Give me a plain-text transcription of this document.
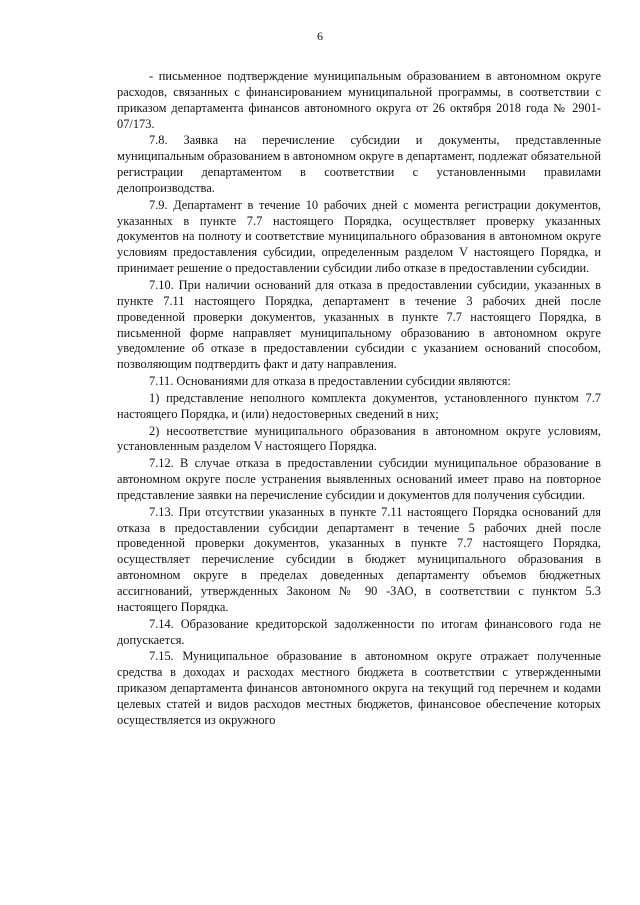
6

- письменное подтверждение муниципальным образованием в автономном округе расходов, связанных с финансированием муниципальной программы, в соответствии с приказом департамента финансов автономного округа от 26 октября 2018 года № 2901-07/173.

7.8. Заявка на перечисление субсидии и документы, представленные муниципальным образованием в автономном округе в департамент, подлежат обязательной регистрации департаментом в соответствии с установленными правилами делопроизводства.

7.9. Департамент в течение 10 рабочих дней с момента регистрации документов, указанных в пункте 7.7 настоящего Порядка, осуществляет проверку указанных документов на полноту и соответствие муниципального образования в автономном округе условиям предоставления субсидии, определенным разделом V настоящего Порядка, и принимает решение о предоставлении субсидии либо отказе в предоставлении субсидии.

7.10. При наличии оснований для отказа в предоставлении субсидии, указанных в пункте 7.11 настоящего Порядка, департамент в течение 3 рабочих дней после проведенной проверки документов, указанных в пункте 7.7 настоящего Порядка, в письменной форме направляет муниципальному образованию в автономном округе уведомление об отказе в предоставлении субсидии с указанием оснований способом, позволяющим подтвердить факт и дату направления.

7.11. Основаниями для отказа в предоставлении субсидии являются:

1) представление неполного комплекта документов, установленного пунктом 7.7 настоящего Порядка, и (или) недостоверных сведений в них;

2) несоответствие муниципального образования в автономном округе условиям, установленным разделом V настоящего Порядка.

7.12. В случае отказа в предоставлении субсидии муниципальное образование в автономном округе после устранения выявленных оснований имеет право на повторное представление заявки на перечисление субсидии и документов для получения субсидии.

7.13. При отсутствии указанных в пункте 7.11 настоящего Порядка оснований для отказа в предоставлении субсидии департамент в течение 5 рабочих дней после проведенной проверки документов, указанных в пункте 7.7 настоящего Порядка, осуществляет перечисление субсидии в бюджет муниципального образования в автономном округе в пределах доведенных департаменту объемов бюджетных ассигнований, утвержденных Законом № 90 -ЗАО, в соответствии с пунктом 5.3 настоящего Порядка.

7.14. Образование кредиторской задолженности по итогам финансового года не допускается.

7.15. Муниципальное образование в автономном округе отражает полученные средства в доходах и расходах местного бюджета в соответствии с утвержденными приказом департамента финансов автономного округа на текущий год перечнем и кодами целевых статей и видов расходов местных бюджетов, финансовое обеспечение которых осуществляется из окружного
